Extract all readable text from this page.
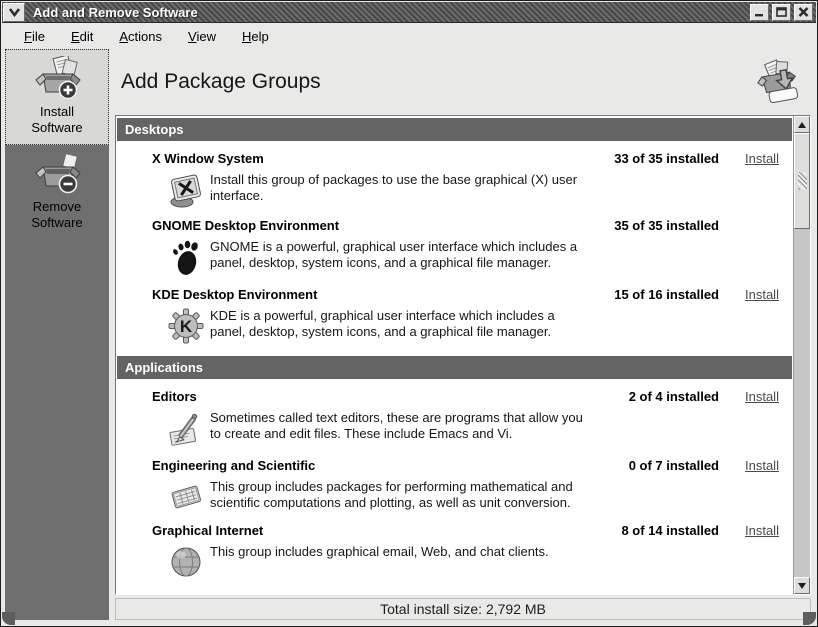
Add and Remove Software
File	Edit	Actions	View	Help
Install Software
Remove Software
Add Package Groups
Desktops
X Window System	33 of 35 installed Install
Install this group of packages to use the base graphical (X) user interface.
GNOME Desktop Environment	35 of 35 installed
GNOME is a powerful, graphical user interface which includes a panel, desktop, system icons, and a graphical file manager.
KDE Desktop Environment	15 of 16 installed Install
K
KDE is a powerful, graphical user interface which includes a panel, desktop, system icons, and a graphical file manager.
Applications
Editors	2 of 4 installed Install
Sometimes called text editors, these are programs that allow you to create and edit files. These include Emacs and Vi.
Engineering and Scientific	0 of 7 installed Install
This group includes packages for performing mathematical and scientific computations and plotting, as well as unit conversion.
Graphical Internet	8 of 14 installed Install
This group includes graphical email, Web, and chat clients.
Total install size: 2,792 MB
